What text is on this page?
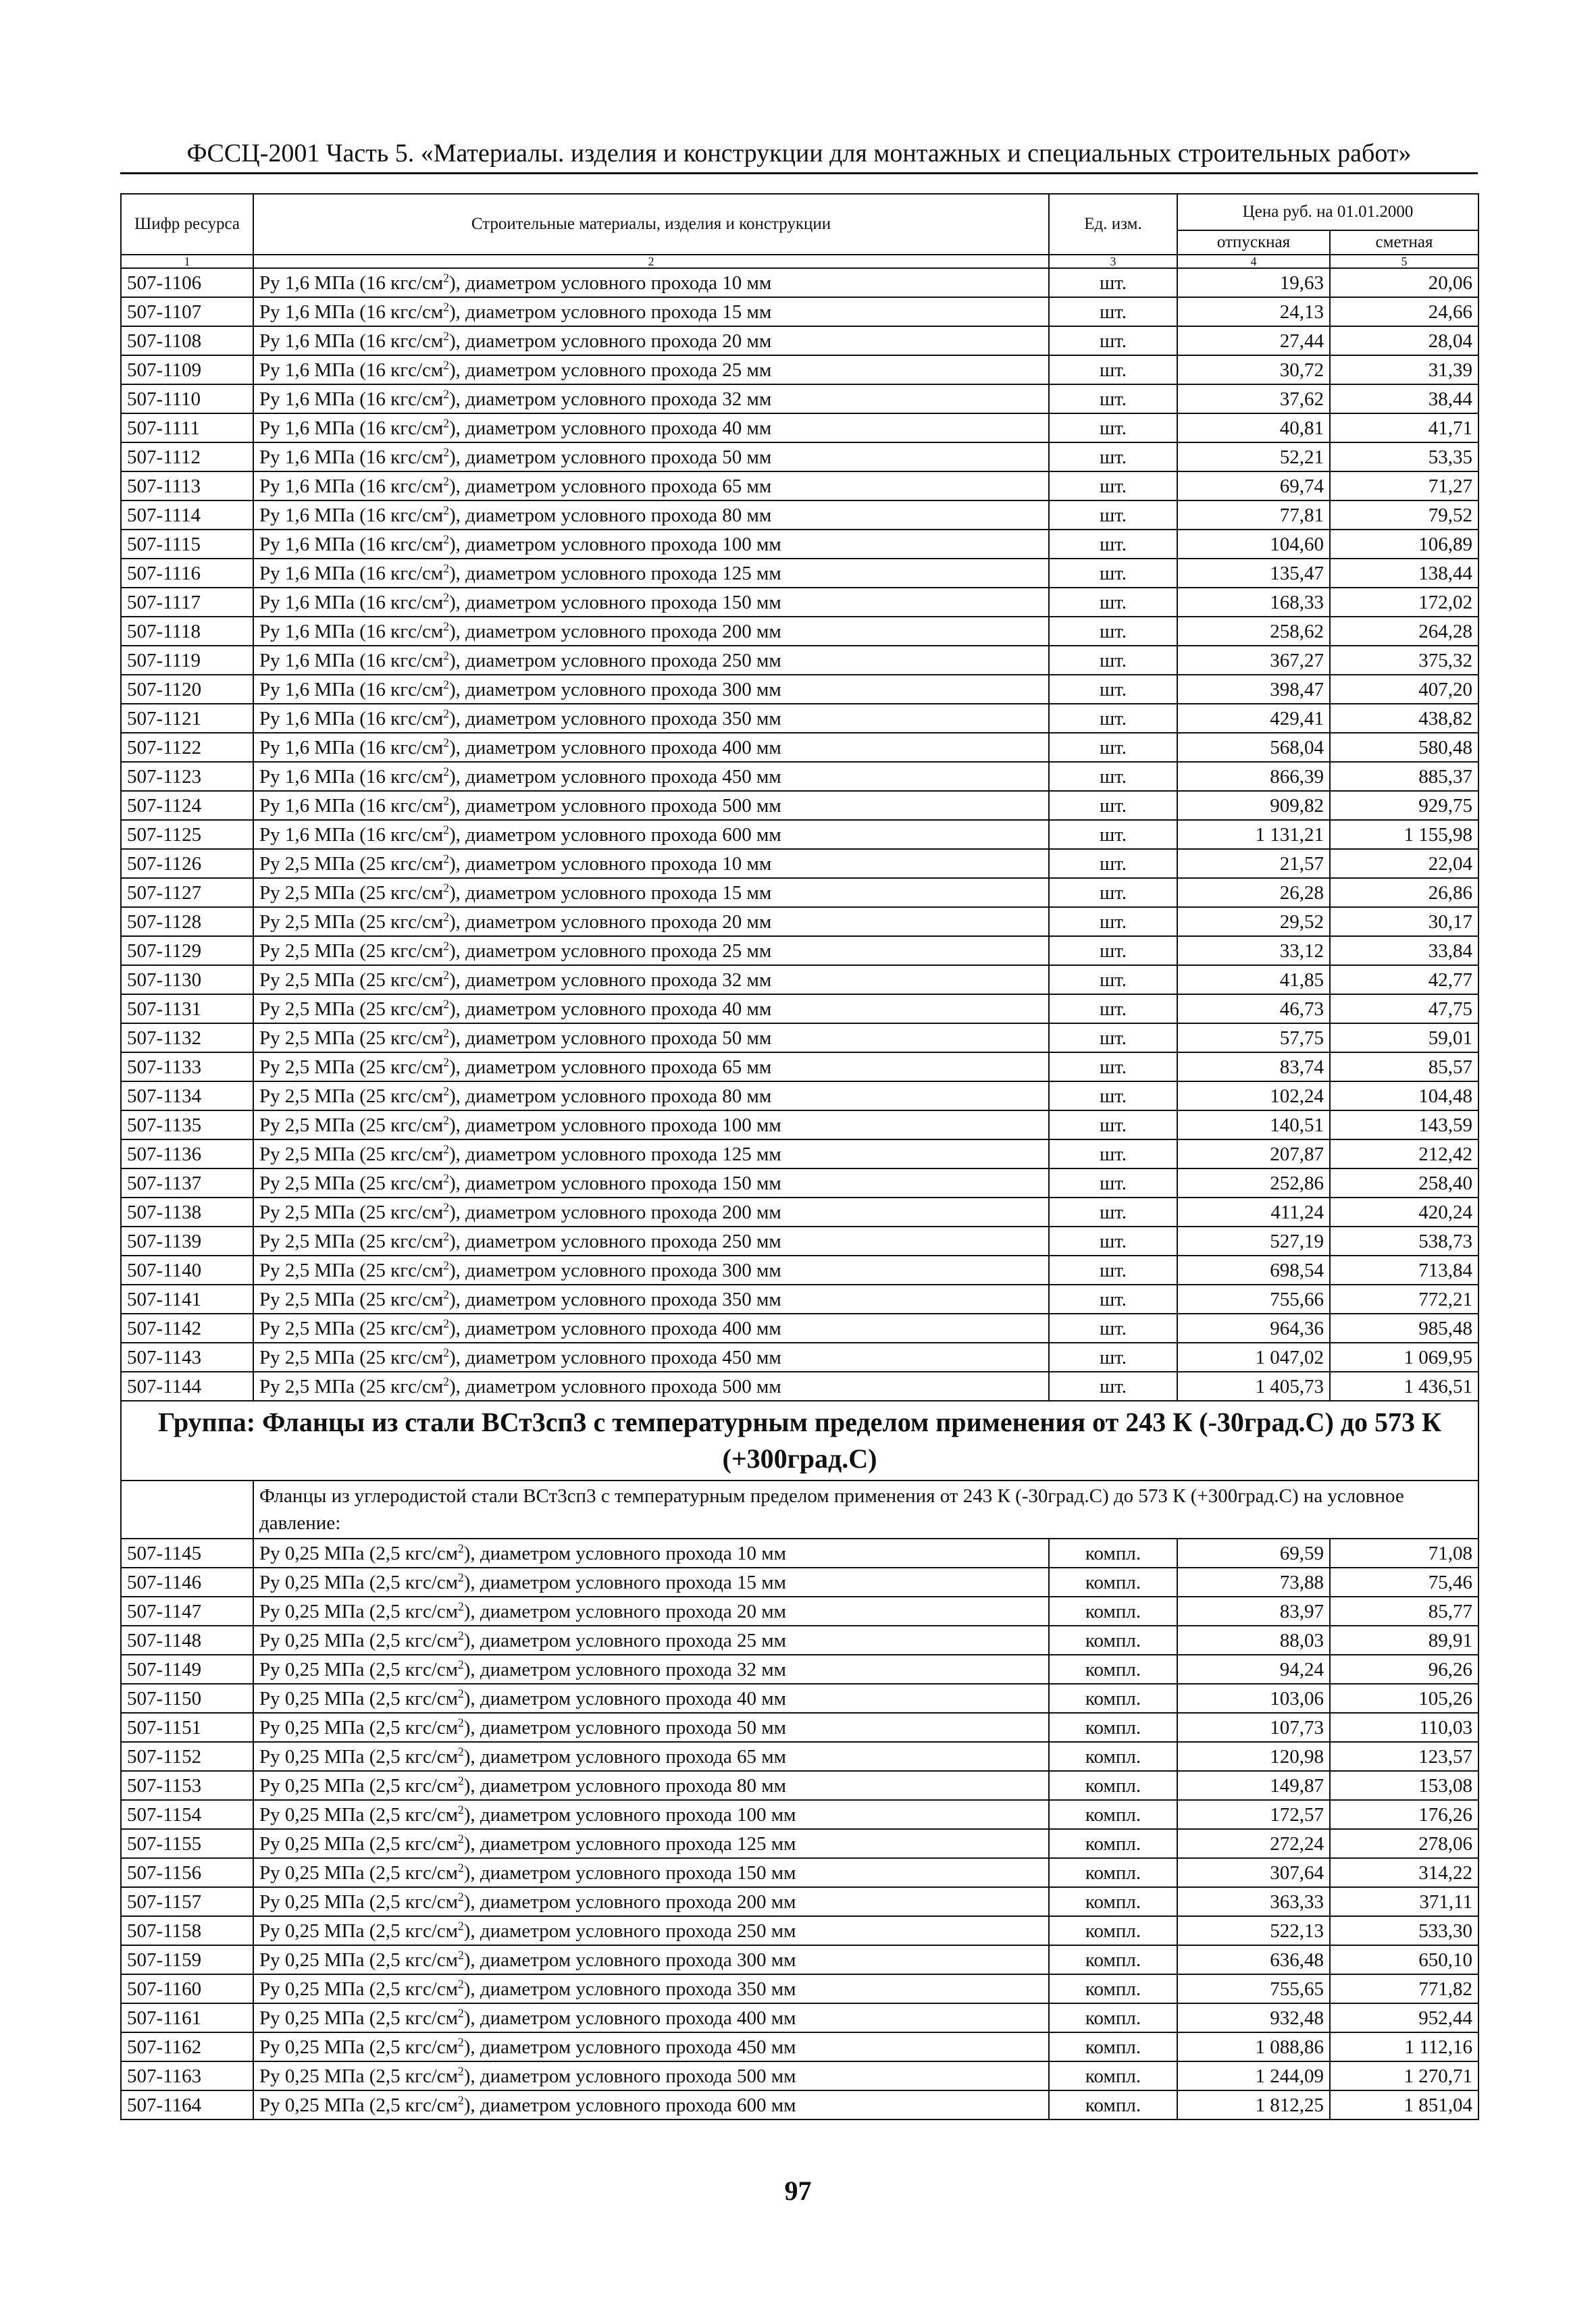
ФССЦ-2001 Часть 5. «Материалы. изделия и конструкции для монтажных и специальных строительных работ»
Шифр ресурса	Строительные материалы, изделия и конструкции	Ед. изм.	Цена руб. на 01.01.2000	
			отпускная	сметная
1	2	3	4	5
507-1106	Ру 1,6 МПа (16 кгс/$см^2$), диаметром условного прохода 10 мм	шт.	19,63	20,06
507-1107	Ру 1,6 МПа (16 кгс/$см^2$), диаметром условного прохода 15 мм	шт.	24,13	24,66
507-1108	Ру 1,6 МПа (16 кгс/$см^2$), диаметром условного прохода 20 мм	шт.	27,44	28,04
507-1109	Ру 1,6 МПа (16 кгс/$см^2$), диаметром условного прохода 25 мм	шт.	30,72	31,39
507-1110	Ру 1,6 МПа (16 кгс/$см^2$), диаметром условного прохода 32 мм	шт.	37,62	38,44
507-1111	Ру 1,6 МПа (16 кгс/$см^2$), диаметром условного прохода 40 мм	шт.	40,81	41,71
507-1112	Ру 1,6 МПа (16 кгс/$см^2$), диаметром условного прохода 50 мм	шт.	52,21	53,35
507-1113	Ру 1,6 МПа (16 кгс/$см^2$), диаметром условного прохода 65 мм	шт.	69,74	71,27
507-1114	Ру 1,6 МПа (16 кгс/$см^2$), диаметром условного прохода 80 мм	шт.	77,81	79,52
507-1115	Ру 1,6 МПа (16 кгс/$см^2$), диаметром условного прохода 100 мм	шт.	104,60	106,89
507-1116	Ру 1,6 МПа (16 кгс/$см^2$), диаметром условного прохода 125 мм	шт.	135,47	138,44
507-1117	Ру 1,6 МПа (16 кгс/$см^2$), диаметром условного прохода 150 мм	шт.	168,33	172,02
507-1118	Ру 1,6 МПа (16 кгс/$см^2$), диаметром условного прохода 200 мм	шт.	258,62	264,28
507-1119	Ру 1,6 МПа (16 кгс/$см^2$), диаметром условного прохода 250 мм	шт.	367,27	375,32
507-1120	Ру 1,6 МПа (16 кгс/$см^2$), диаметром условного прохода 300 мм	шт.	398,47	407,20
507-1121	Ру 1,6 МПа (16 кгс/$см^2$), диаметром условного прохода 350 мм	шт.	429,41	438,82
507-1122	Ру 1,6 МПа (16 кгс/$см^2$), диаметром условного прохода 400 мм	шт.	568,04	580,48
507-1123	Ру 1,6 МПа (16 кгс/$см^2$), диаметром условного прохода 450 мм	шт.	866,39	885,37
507-1124	Ру 1,6 МПа (16 кгс/$см^2$), диаметром условного прохода 500 мм	шт.	909,82	929,75
507-1125	Ру 1,6 МПа (16 кгс/$см^2$), диаметром условного прохода 600 мм	шт.	1 131,21	1 155,98
507-1126	Ру 2,5 МПа (25 кгс/$см^2$), диаметром условного прохода 10 мм	шт.	21,57	22,04
507-1127	Ру 2,5 МПа (25 кгс/$см^2$), диаметром условного прохода 15 мм	шт.	26,28	26,86
507-1128	Ру 2,5 МПа (25 кгс/$см^2$), диаметром условного прохода 20 мм	шт.	29,52	30,17
507-1129	Ру 2,5 МПа (25 кгс/$см^2$), диаметром условного прохода 25 мм	шт.	33,12	33,84
507-1130	Ру 2,5 МПа (25 кгс/$см^2$), диаметром условного прохода 32 мм	шт.	41,85	42,77
507-1131	Ру 2,5 МПа (25 кгс/$см^2$), диаметром условного прохода 40 мм	шт.	46,73	47,75
507-1132	Ру 2,5 МПа (25 кгс/$см^2$), диаметром условного прохода 50 мм	шт.	57,75	59,01
507-1133	Ру 2,5 МПа (25 кгс/$см^2$), диаметром условного прохода 65 мм	шт.	83,74	85,57
507-1134	Ру 2,5 МПа (25 кгс/$см^2$), диаметром условного прохода 80 мм	шт.	102,24	104,48
507-1135	Ру 2,5 МПа (25 кгс/$см^2$), диаметром условного прохода 100 мм	шт.	140,51	143,59
507-1136	Ру 2,5 МПа (25 кгс/$см^2$), диаметром условного прохода 125 мм	шт.	207,87	212,42
507-1137	Ру 2,5 МПа (25 кгс/$см^2$), диаметром условного прохода 150 мм	шт.	252,86	258,40
507-1138	Ру 2,5 МПа (25 кгс/$см^2$), диаметром условного прохода 200 мм	шт.	411,24	420,24
507-1139	Ру 2,5 МПа (25 кгс/$см^2$), диаметром условного прохода 250 мм	шт.	527,19	538,73
507-1140	Ру 2,5 МПа (25 кгс/$см^2$), диаметром условного прохода 300 мм	шт.	698,54	713,84
507-1141	Ру 2,5 МПа (25 кгс/$см^2$), диаметром условного прохода 350 мм	шт.	755,66	772,21
507-1142	Ру 2,5 МПа (25 кгс/$см^2$), диаметром условного прохода 400 мм	шт.	964,36	985,48
507-1143	Ру 2,5 МПа (25 кгс/$см^2$), диаметром условного прохода 450 мм	шт.	1 047,02	1 069,95
507-1144	Ру 2,5 МПа (25 кгс/$см^2$), диаметром условного прохода 500 мм	шт.	1 405,73	1 436,51
Группа: Фланцы из стали ВСт3сп3 с температурным пределом применения от 243 К (-30град.С) до 573 К (+300град.С)				
	Фланцы из углеродистой стали ВСт3сп3 с температурным пределом применения от 243 К (-30град.С) до 573 К (+300град.С) на условное давление:			
507-1145	Ру 0,25 МПа (2,5 кгс/$см^2$), диаметром условного прохода 10 мм	компл.	69,59	71,08
507-1146	Ру 0,25 МПа (2,5 кгс/$см^2$), диаметром условного прохода 15 мм	компл.	73,88	75,46
507-1147	Ру 0,25 МПа (2,5 кгс/$см^2$), диаметром условного прохода 20 мм	компл.	83,97	85,77
507-1148	Ру 0,25 МПа (2,5 кгс/$см^2$), диаметром условного прохода 25 мм	компл.	88,03	89,91
507-1149	Ру 0,25 МПа (2,5 кгс/$см^2$), диаметром условного прохода 32 мм	компл.	94,24	96,26
507-1150	Ру 0,25 МПа (2,5 кгс/$см^2$), диаметром условного прохода 40 мм	компл.	103,06	105,26
507-1151	Ру 0,25 МПа (2,5 кгс/$см^2$), диаметром условного прохода 50 мм	компл.	107,73	110,03
507-1152	Ру 0,25 МПа (2,5 кгс/$см^2$), диаметром условного прохода 65 мм	компл.	120,98	123,57
507-1153	Ру 0,25 МПа (2,5 кгс/$см^2$), диаметром условного прохода 80 мм	компл.	149,87	153,08
507-1154	Ру 0,25 МПа (2,5 кгс/$см^2$), диаметром условного прохода 100 мм	компл.	172,57	176,26
507-1155	Ру 0,25 МПа (2,5 кгс/$см^2$), диаметром условного прохода 125 мм	компл.	272,24	278,06
507-1156	Ру 0,25 МПа (2,5 кгс/$см^2$), диаметром условного прохода 150 мм	компл.	307,64	314,22
507-1157	Ру 0,25 МПа (2,5 кгс/$см^2$), диаметром условного прохода 200 мм	компл.	363,33	371,11
507-1158	Ру 0,25 МПа (2,5 кгс/$см^2$), диаметром условного прохода 250 мм	компл.	522,13	533,30
507-1159	Ру 0,25 МПа (2,5 кгс/$см^2$), диаметром условного прохода 300 мм	компл.	636,48	650,10
507-1160	Ру 0,25 МПа (2,5 кгс/$см^2$), диаметром условного прохода 350 мм	компл.	755,65	771,82
507-1161	Ру 0,25 МПа (2,5 кгс/$см^2$), диаметром условного прохода 400 мм	компл.	932,48	952,44
507-1162	Ру 0,25 МПа (2,5 кгс/$см^2$), диаметром условного прохода 450 мм	компл.	1 088,86	1 112,16
507-1163	Ру 0,25 МПа (2,5 кгс/$см^2$), диаметром условного прохода 500 мм	компл.	1 244,09	1 270,71
507-1164	Ру 0,25 МПа (2,5 кгс/$см^2$), диаметром условного прохода 600 мм	компл.	1 812,25	1 851,04
97
